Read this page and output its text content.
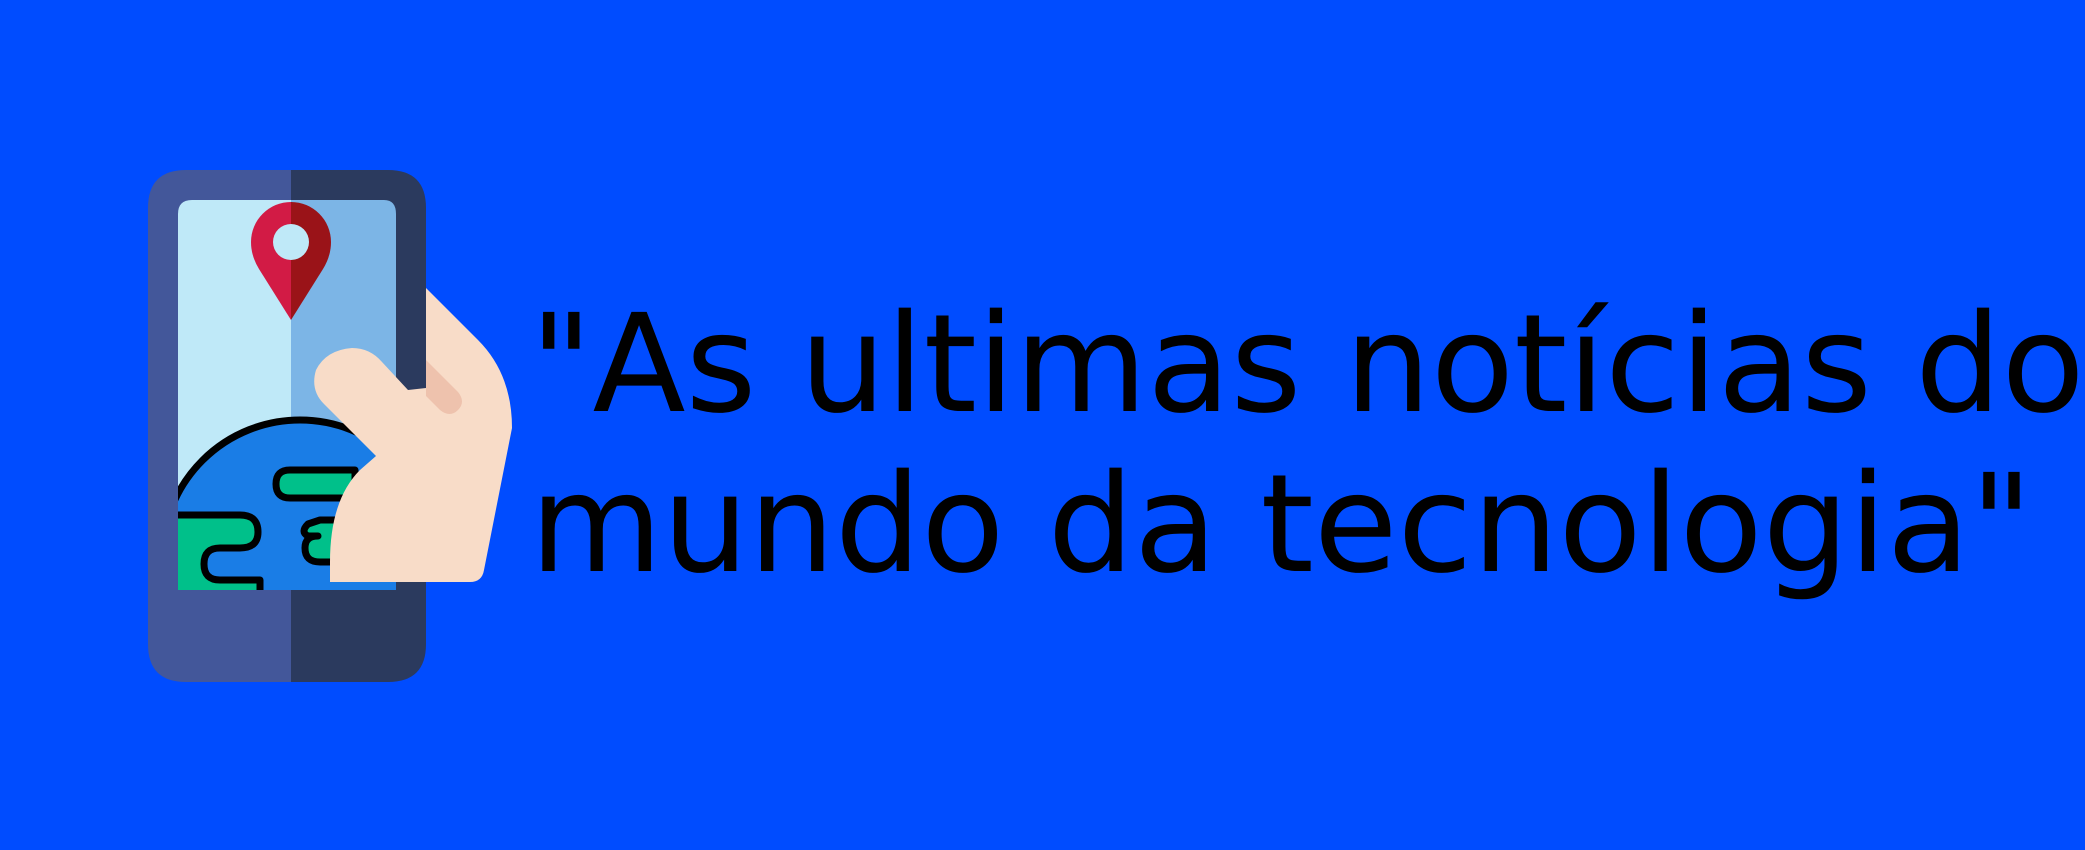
"As ultimas notícias do
mundo da tecnologia"
